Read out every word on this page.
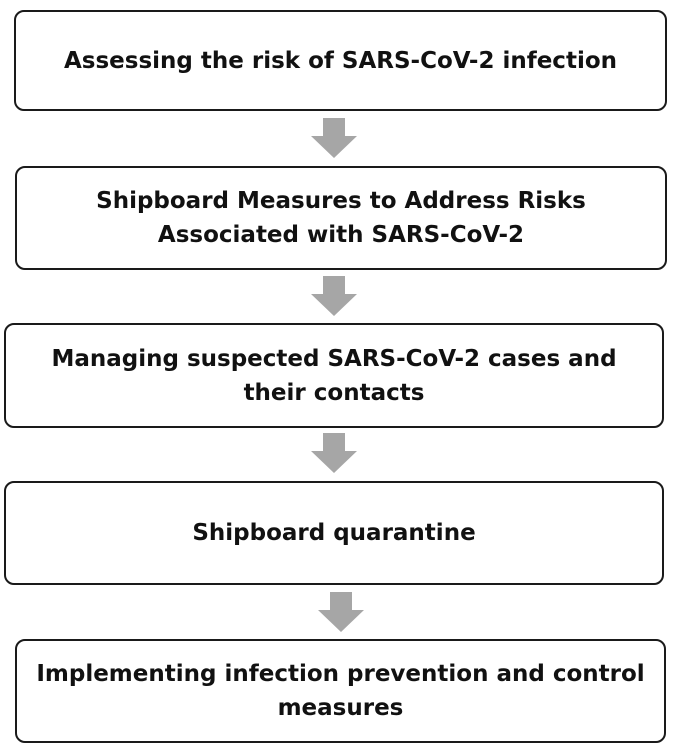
Assessing the risk of SARS-CoV-2 infection
Shipboard Measures to Address Risks
Associated with SARS-CoV-2
Managing suspected SARS-CoV-2 cases and
their contacts
Shipboard quarantine
Implementing infection prevention and control
measures
